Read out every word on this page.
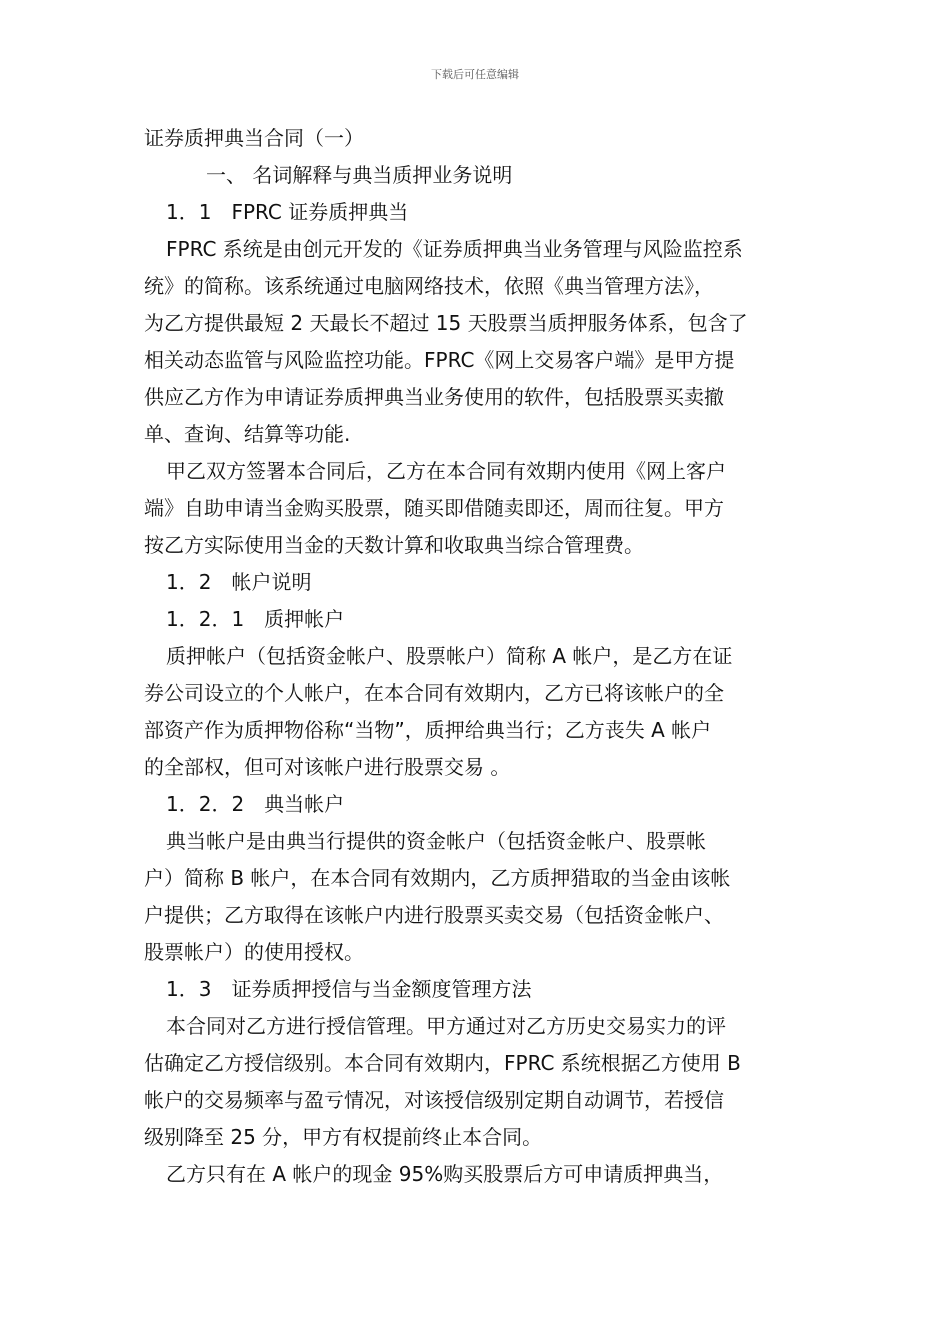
下载后可任意编辑
证券质押典当合同（一）
一、 名词解释与典当质押业务说明
1．1　FPRC 证券质押典当
FPRC 系统是由创元开发的《证券质押典当业务管理与风险监控系
统》的简称。该系统通过电脑网络技术，依照《典当管理方法》，
为乙方提供最短 2 天最长不超过 15 天股票当质押服务体系，包含了
相关动态监管与风险监控功能。FPRC《网上交易客户端》是甲方提
供应乙方作为申请证券质押典当业务使用的软件，包括股票买卖撤
单、查询、结算等功能.
甲乙双方签署本合同后，乙方在本合同有效期内使用《网上客户
端》自助申请当金购买股票，随买即借随卖即还，周而往复。甲方
按乙方实际使用当金的天数计算和收取典当综合管理费。
1．2　帐户说明
1．2．1　质押帐户
质押帐户（包括资金帐户、股票帐户）简称 A 帐户，是乙方在证
券公司设立的个人帐户，在本合同有效期内，乙方已将该帐户的全
部资产作为质押物俗称“当物”，质押给典当行；乙方丧失 A 帐户
的全部权，但可对该帐户进行股票交易 。
1．2．2　典当帐户
典当帐户是由典当行提供的资金帐户（包括资金帐户、股票帐
户）简称 B 帐户，在本合同有效期内，乙方质押猎取的当金由该帐
户提供；乙方取得在该帐户内进行股票买卖交易（包括资金帐户、
股票帐户）的使用授权。
1．3　证券质押授信与当金额度管理方法
本合同对乙方进行授信管理。甲方通过对乙方历史交易实力的评
估确定乙方授信级别。本合同有效期内，FPRC 系统根据乙方使用 B
帐户的交易频率与盈亏情况，对该授信级别定期自动调节，若授信
级别降至 25 分，甲方有权提前终止本合同。
乙方只有在 A 帐户的现金 95%购买股票后方可申请质押典当，
